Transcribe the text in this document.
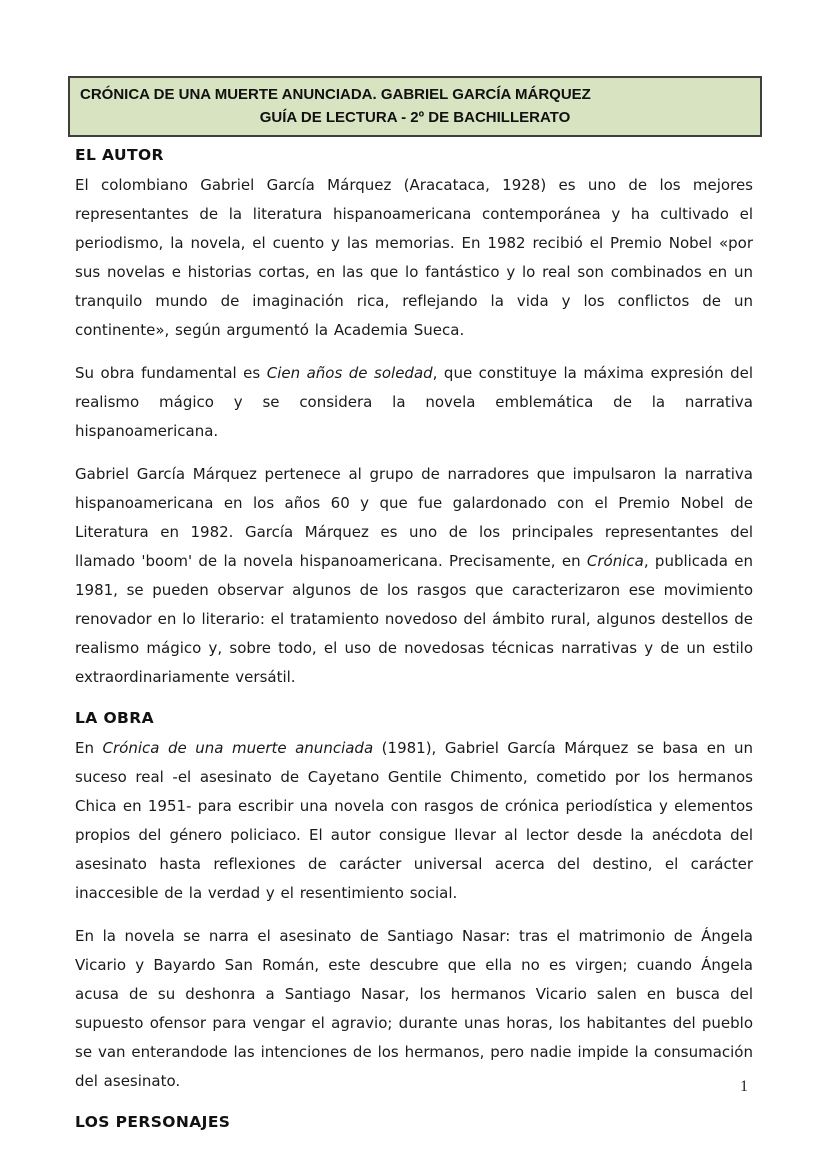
CRÓNICA DE UNA MUERTE ANUNCIADA. GABRIEL GARCÍA MÁRQUEZ
GUÍA DE LECTURA - 2º DE BACHILLERATO
EL AUTOR

El colombiano Gabriel García Márquez (Aracataca, 1928) es uno de los mejores representantes de la literatura hispanoamericana contemporánea y ha cultivado el periodismo, la novela, el cuento y las memorias. En 1982 recibió el Premio Nobel «por sus novelas e historias cortas, en las que lo fantástico y lo real son combinados en un tranquilo mundo de imaginación rica, reflejando la vida y los conflictos de un continente», según argumentó la Academia Sueca.

Su obra fundamental es Cien años de soledad, que constituye la máxima expresión del realismo mágico y se considera la novela emblemática de la narrativa hispanoamericana.

Gabriel García Márquez pertenece al grupo de narradores que impulsaron la narrativa hispanoamericana en los años 60 y que fue galardonado con el Premio Nobel de Literatura en 1982. García Márquez es uno de los principales representantes del llamado 'boom' de la novela hispanoamericana. Precisamente, en Crónica, publicada en 1981, se pueden observar algunos de los rasgos que caracterizaron ese movimiento renovador en lo literario: el tratamiento novedoso del ámbito rural, algunos destellos de realismo mágico y, sobre todo, el uso de novedosas técnicas narrativas y de un estilo extraordinariamente versátil.

LA OBRA

En Crónica de una muerte anunciada (1981), Gabriel García Márquez se basa en un suceso real -el asesinato de Cayetano Gentile Chimento, cometido por los hermanos Chica en 1951- para escribir una novela con rasgos de crónica periodística y elementos propios del género policiaco. El autor consigue llevar al lector desde la anécdota del asesinato hasta reflexiones de carácter universal acerca del destino, el carácter inaccesible de la verdad y el resentimiento social.

En la novela se narra el asesinato de Santiago Nasar: tras el matrimonio de Ángela Vicario y Bayardo San Román, este descubre que ella no es virgen; cuando Ángela acusa de su deshonra a Santiago Nasar, los hermanos Vicario salen en busca del supuesto ofensor para vengar el agravio; durante unas horas, los habitantes del pueblo se van enterandode las intenciones de los hermanos, pero nadie impide la consumación del asesinato.

LOS PERSONAJES
1
